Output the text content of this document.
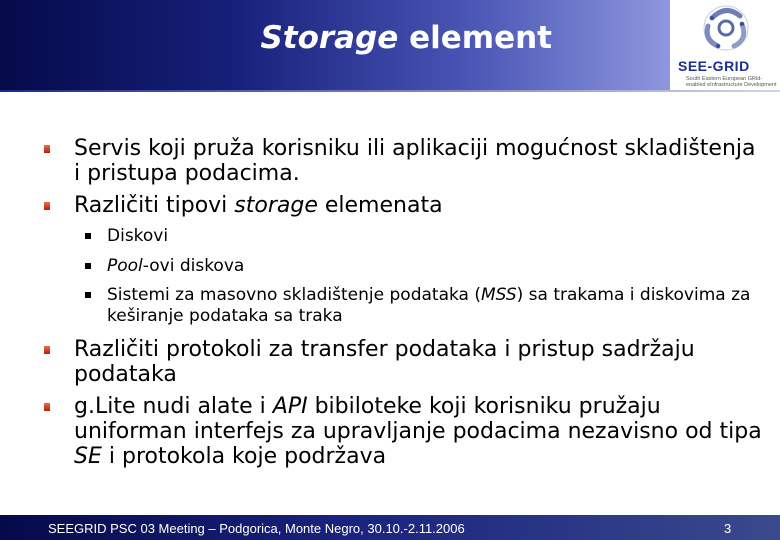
Storage element
SEE-GRID
South Eastern European GRid-enabled eInfrastructure Development
Servis koji pruža korisniku ili aplikaciji mogućnost skladištenja i pristupa podacima.
Različiti tipovi storage elemenata
Diskovi
Pool-ovi diskova
Sistemi za masovno skladištenje podataka (MSS) sa trakama i diskovima za keširanje podataka sa traka
Različiti protokoli za transfer podataka i pristup sadržaju podataka
g.Lite nudi alate i API bibiloteke koji korisniku pružaju uniforman interfejs za upravljanje podacima nezavisno od tipa SE i protokola koje podržava
SEEGRID PSC 03 Meeting – Podgorica, Monte Negro, 30.10.-2.11.2006	3
